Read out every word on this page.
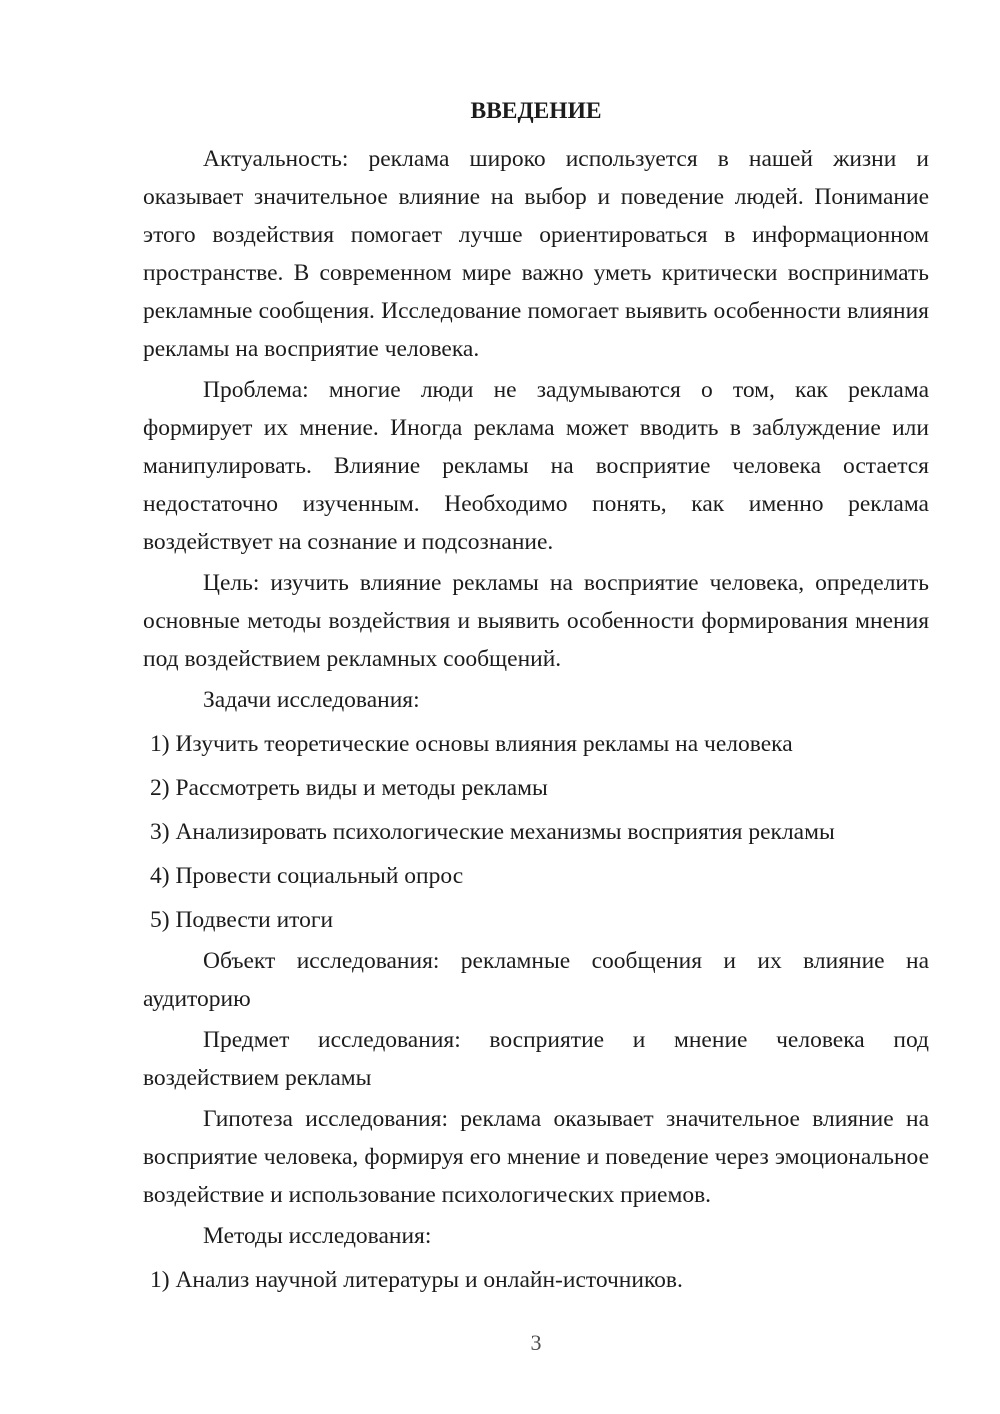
ВВЕДЕНИЕ

Актуальность: реклама широко используется в нашей жизни и оказывает значительное влияние на выбор и поведение людей. Понимание этого воздействия помогает лучше ориентироваться в информационном пространстве. В современном мире важно уметь критически воспринимать рекламные сообщения. Исследование помогает выявить особенности влияния рекламы на восприятие человека.

Проблема: многие люди не задумываются о том, как реклама формирует их мнение. Иногда реклама может вводить в заблуждение или манипулировать. Влияние рекламы на восприятие человека остается недостаточно изученным. Необходимо понять, как именно реклама воздействует на сознание и подсознание.

Цель: изучить влияние рекламы на восприятие человека, определить основные методы воздействия и выявить особенности формирования мнения под воздействием рекламных сообщений.

Задачи исследования:

1) Изучить теоретические основы влияния рекламы на человека

2) Рассмотреть виды и методы рекламы

3) Анализировать психологические механизмы восприятия рекламы

4) Провести социальный опрос

5) Подвести итоги

Объект исследования: рекламные сообщения и их влияние на аудиторию

Предмет исследования: восприятие и мнение человека под воздействием рекламы

Гипотеза исследования: реклама оказывает значительное влияние на восприятие человека, формируя его мнение и поведение через эмоциональное воздействие и использование психологических приемов.

Методы исследования:

1) Анализ научной литературы и онлайн-источников.

3
